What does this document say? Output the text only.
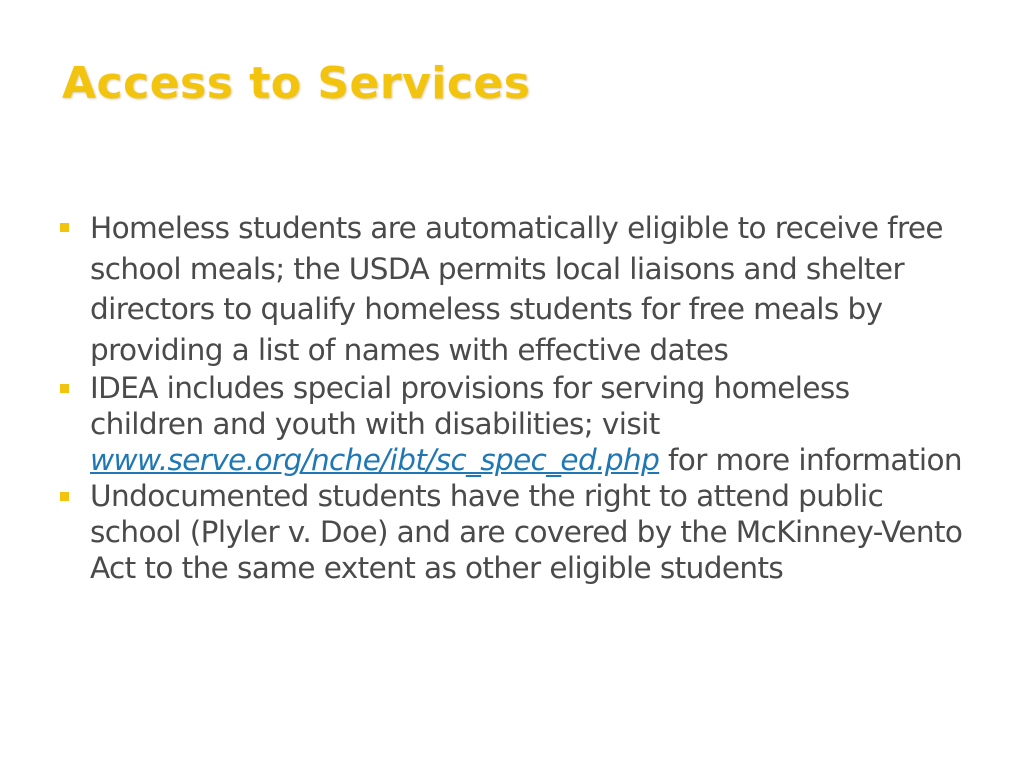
Access to Services
Homeless students are automatically eligible to receive free school meals; the USDA permits local liaisons and shelter directors to qualify homeless students for free meals by providing a list of names with effective dates
IDEA includes special provisions for serving homeless children and youth with disabilities; visit www.serve.org/nche/ibt/sc_spec_ed.php for more information
Undocumented students have the right to attend public school (Plyler v. Doe) and are covered by the McKinney-Vento Act to the same extent as other eligible students
